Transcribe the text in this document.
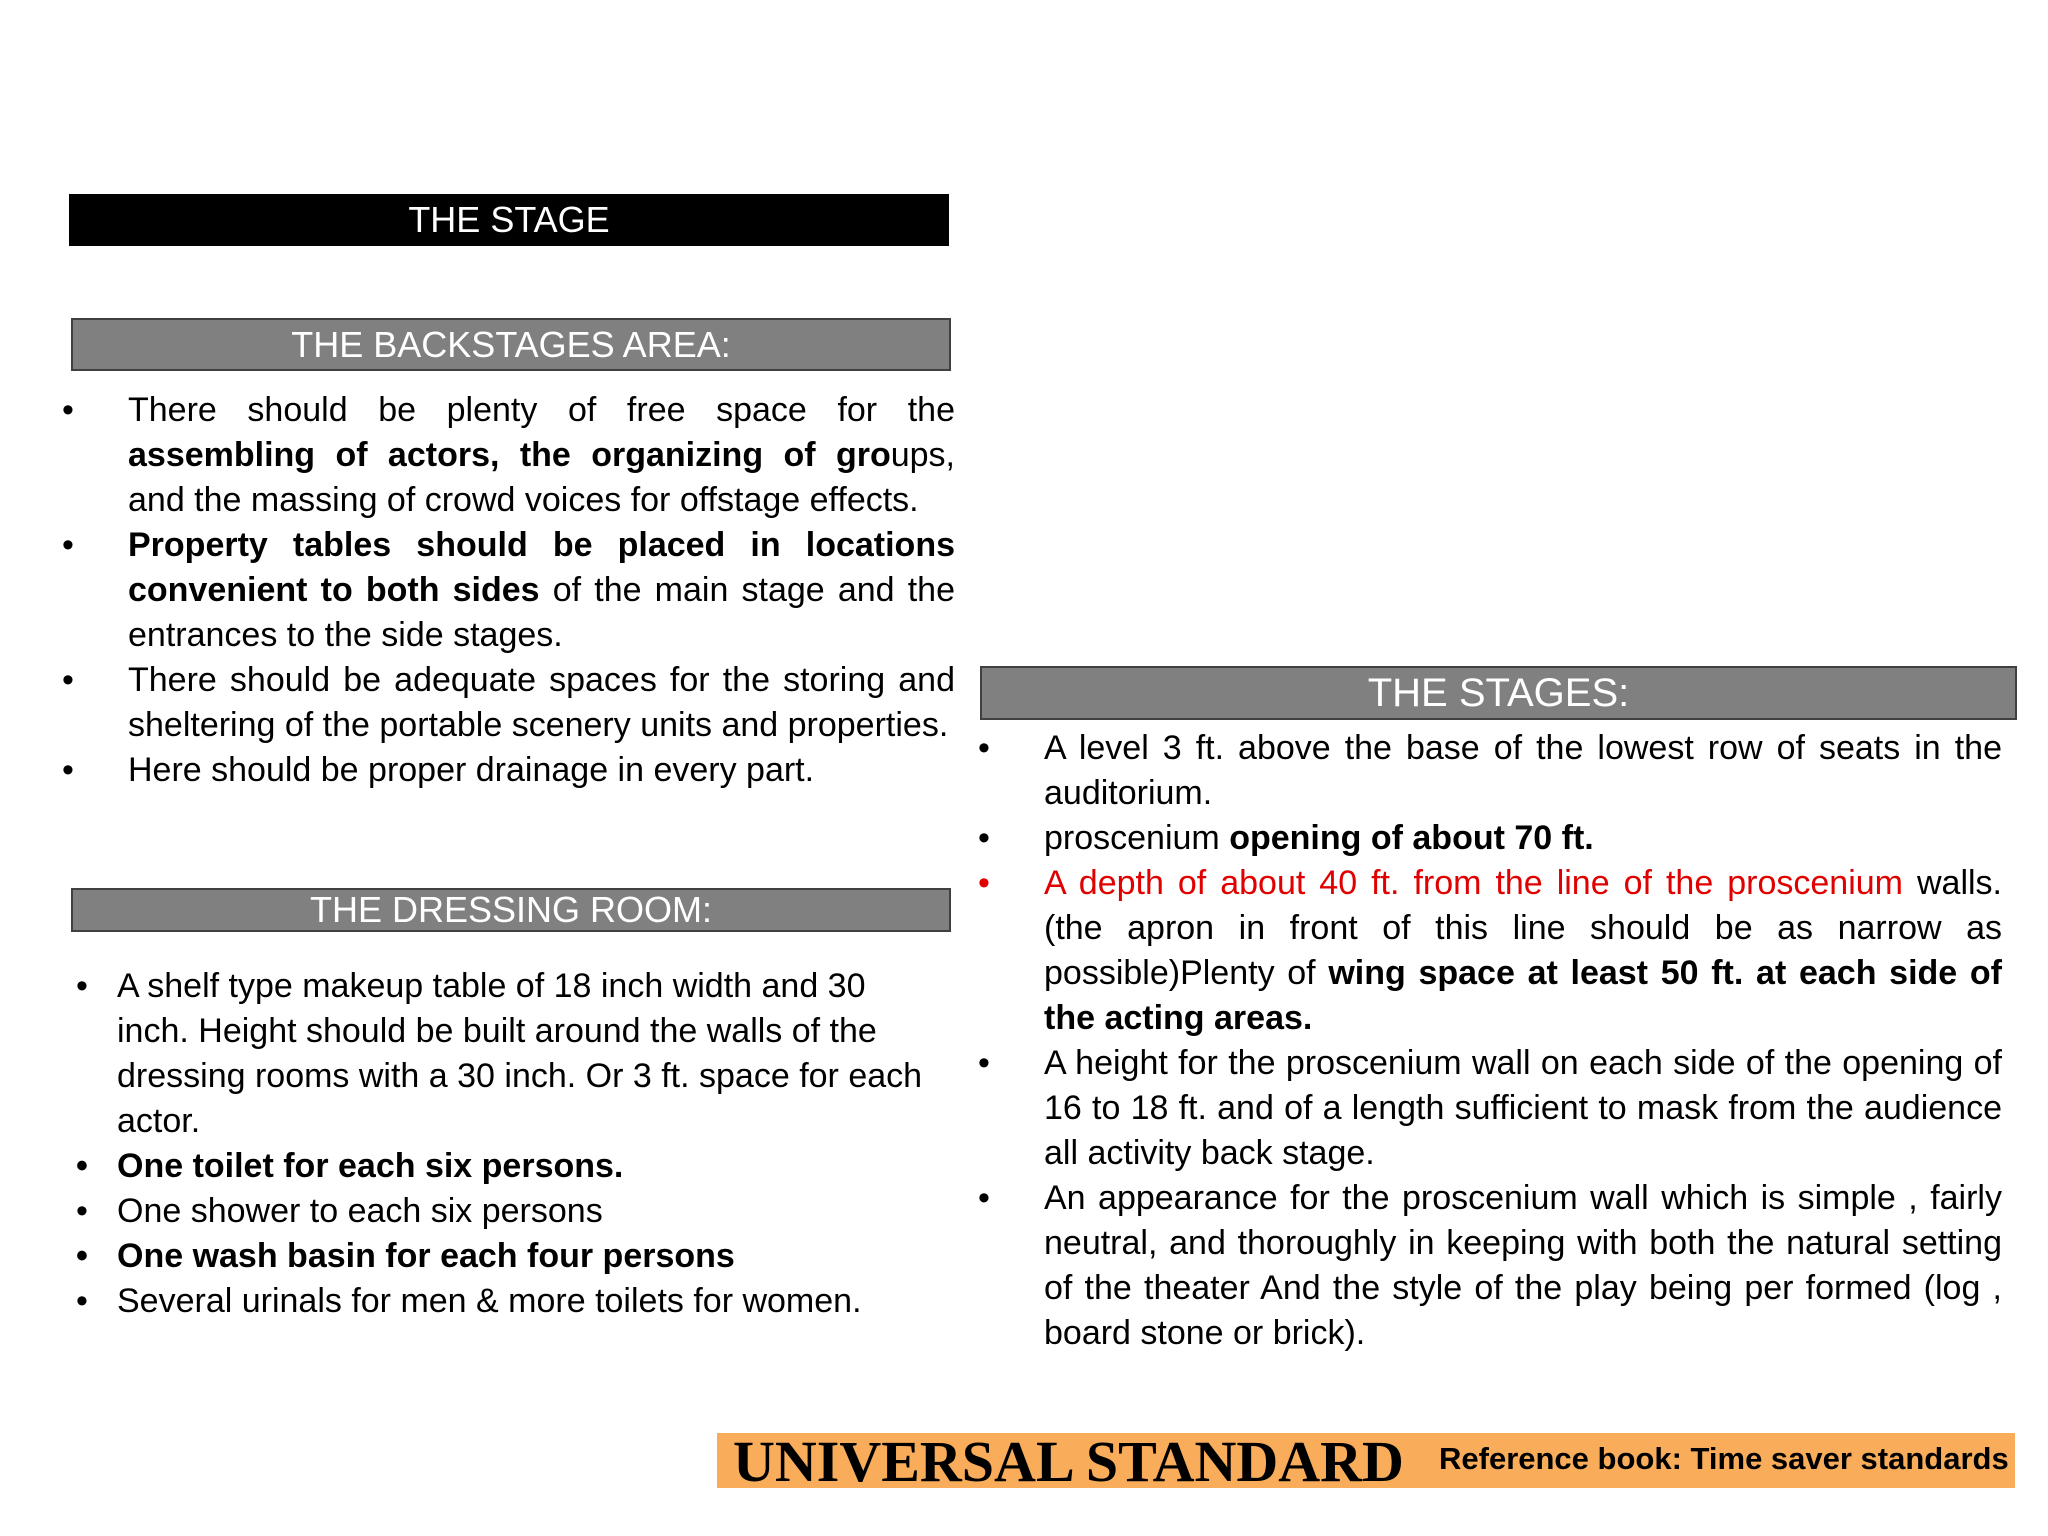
THE STAGE
THE BACKSTAGES AREA:
• There should be plenty of free space for the assembling of actors, the organizing of groups, and the massing of crowd voices for offstage effects.
• Property tables should be placed in locations convenient to both sides of the main stage and the entrances to the side stages.
• There should be adequate spaces for the storing and sheltering of the portable scenery units and properties.
• Here should be proper drainage in every part.
THE DRESSING ROOM:
• A shelf type makeup table of 18 inch width and 30 inch. Height should be built around the walls of the dressing rooms with a 30 inch. Or 3 ft. space for each actor.
• One toilet for each six persons.
• One shower to each six persons
• One wash basin for each four persons
• Several urinals for men & more toilets for women.
THE STAGES:
• A level 3 ft. above the base of the lowest row of seats in the auditorium.
• proscenium opening of about 70 ft.
• A depth of about 40 ft. from the line of the proscenium walls.(the apron in front of this line should be as narrow as possible)Plenty of wing space at least 50 ft. at each side of the acting areas.
• A height for the proscenium wall on each side of the opening of 16 to 18 ft. and of a length sufficient to mask from the audience all activity back stage.
• An appearance for the proscenium wall which is simple , fairly neutral, and thoroughly in keeping with both the natural setting of the theater And the style of the play being per formed (log , board stone or brick).
UNIVERSAL STANDARD Reference book: Time saver standards
